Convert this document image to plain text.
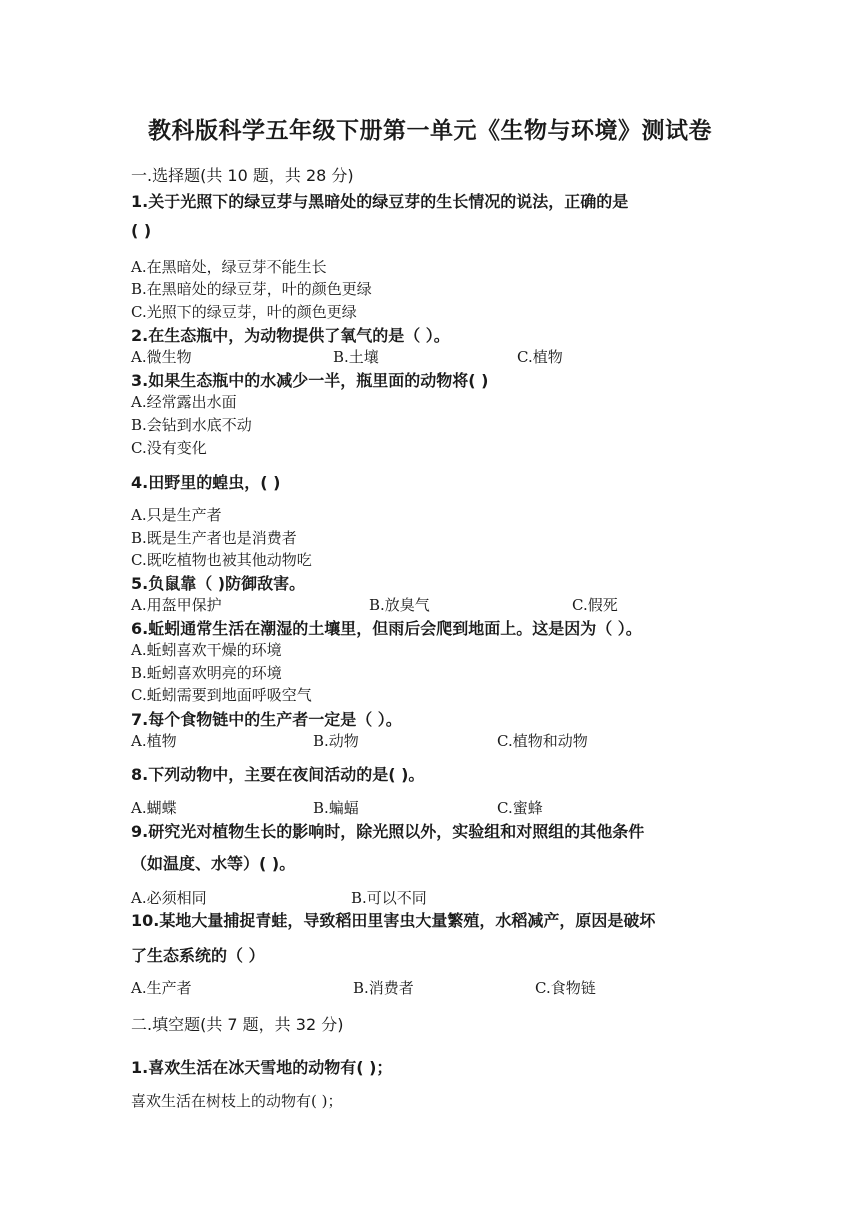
教科版科学五年级下册第一单元《生物与环境》测试卷
一.选择题(共 10 题，共 28 分)
1.关于光照下的绿豆芽与黑暗处的绿豆芽的生长情况的说法，正确的是
( )
A.在黑暗处，绿豆芽不能生长
B.在黑暗处的绿豆芽，叶的颜色更绿
C.光照下的绿豆芽，叶的颜色更绿
2.在生态瓶中，为动物提供了氧气的是（ ）。
A.微生物	B.土壤	C.植物
3.如果生态瓶中的水减少一半，瓶里面的动物将( )
A.经常露出水面
B.会钻到水底不动
C.没有变化
4.田野里的蝗虫，( )
A.只是生产者
B.既是生产者也是消费者
C.既吃植物也被其他动物吃
5.负鼠靠（ )防御敌害。
A.用盔甲保护	B.放臭气	C.假死
6.蚯蚓通常生活在潮湿的土壤里，但雨后会爬到地面上。这是因为（ ）。
A.蚯蚓喜欢干燥的环境
B.蚯蚓喜欢明亮的环境
C.蚯蚓需要到地面呼吸空气
7.每个食物链中的生产者一定是（ ）。
A.植物	B.动物	C.植物和动物
8.下列动物中，主要在夜间活动的是( )。
A.蝴蝶	B.蝙蝠	C.蜜蜂
9.研究光对植物生长的影响时，除光照以外，实验组和对照组的其他条件
（如温度、水等）( )。
A.必须相同	B.可以不同
10.某地大量捕捉青蛙，导致稻田里害虫大量繁殖，水稻减产，原因是破坏
了生态系统的（ ）
A.生产者	B.消费者	C.食物链
二.填空题(共 7 题，共 32 分)
1.喜欢生活在冰天雪地的动物有( )；
喜欢生活在树枝上的动物有( )；
